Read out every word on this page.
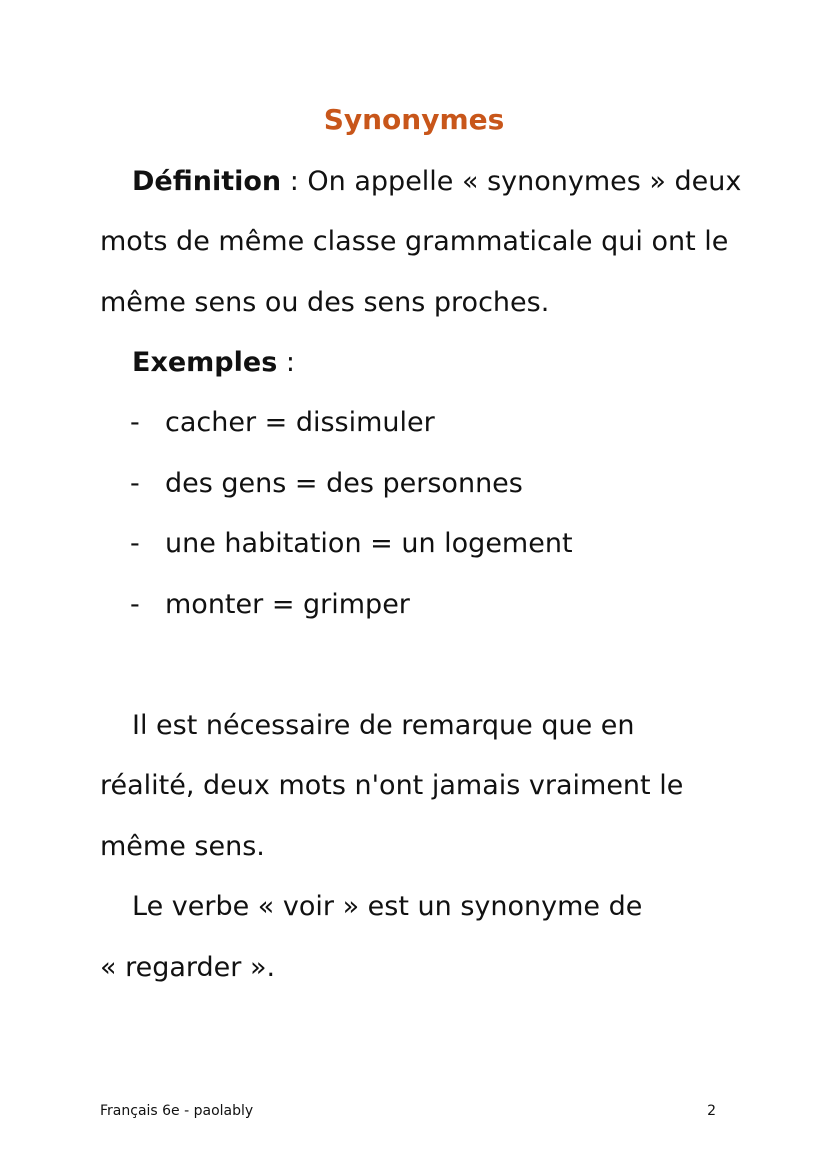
Synonymes
Définition : On appelle « synonymes » deux
mots de même classe grammaticale qui ont le
même sens ou des sens proches.
Exemples :
- cacher = dissimuler
- des gens = des personnes
- une habitation = un logement
- monter = grimper
Il est nécessaire de remarque que en
réalité, deux mots n'ont jamais vraiment le
même sens.
Le verbe « voir » est un synonyme de
« regarder ».
Français 6e - paolably	2
